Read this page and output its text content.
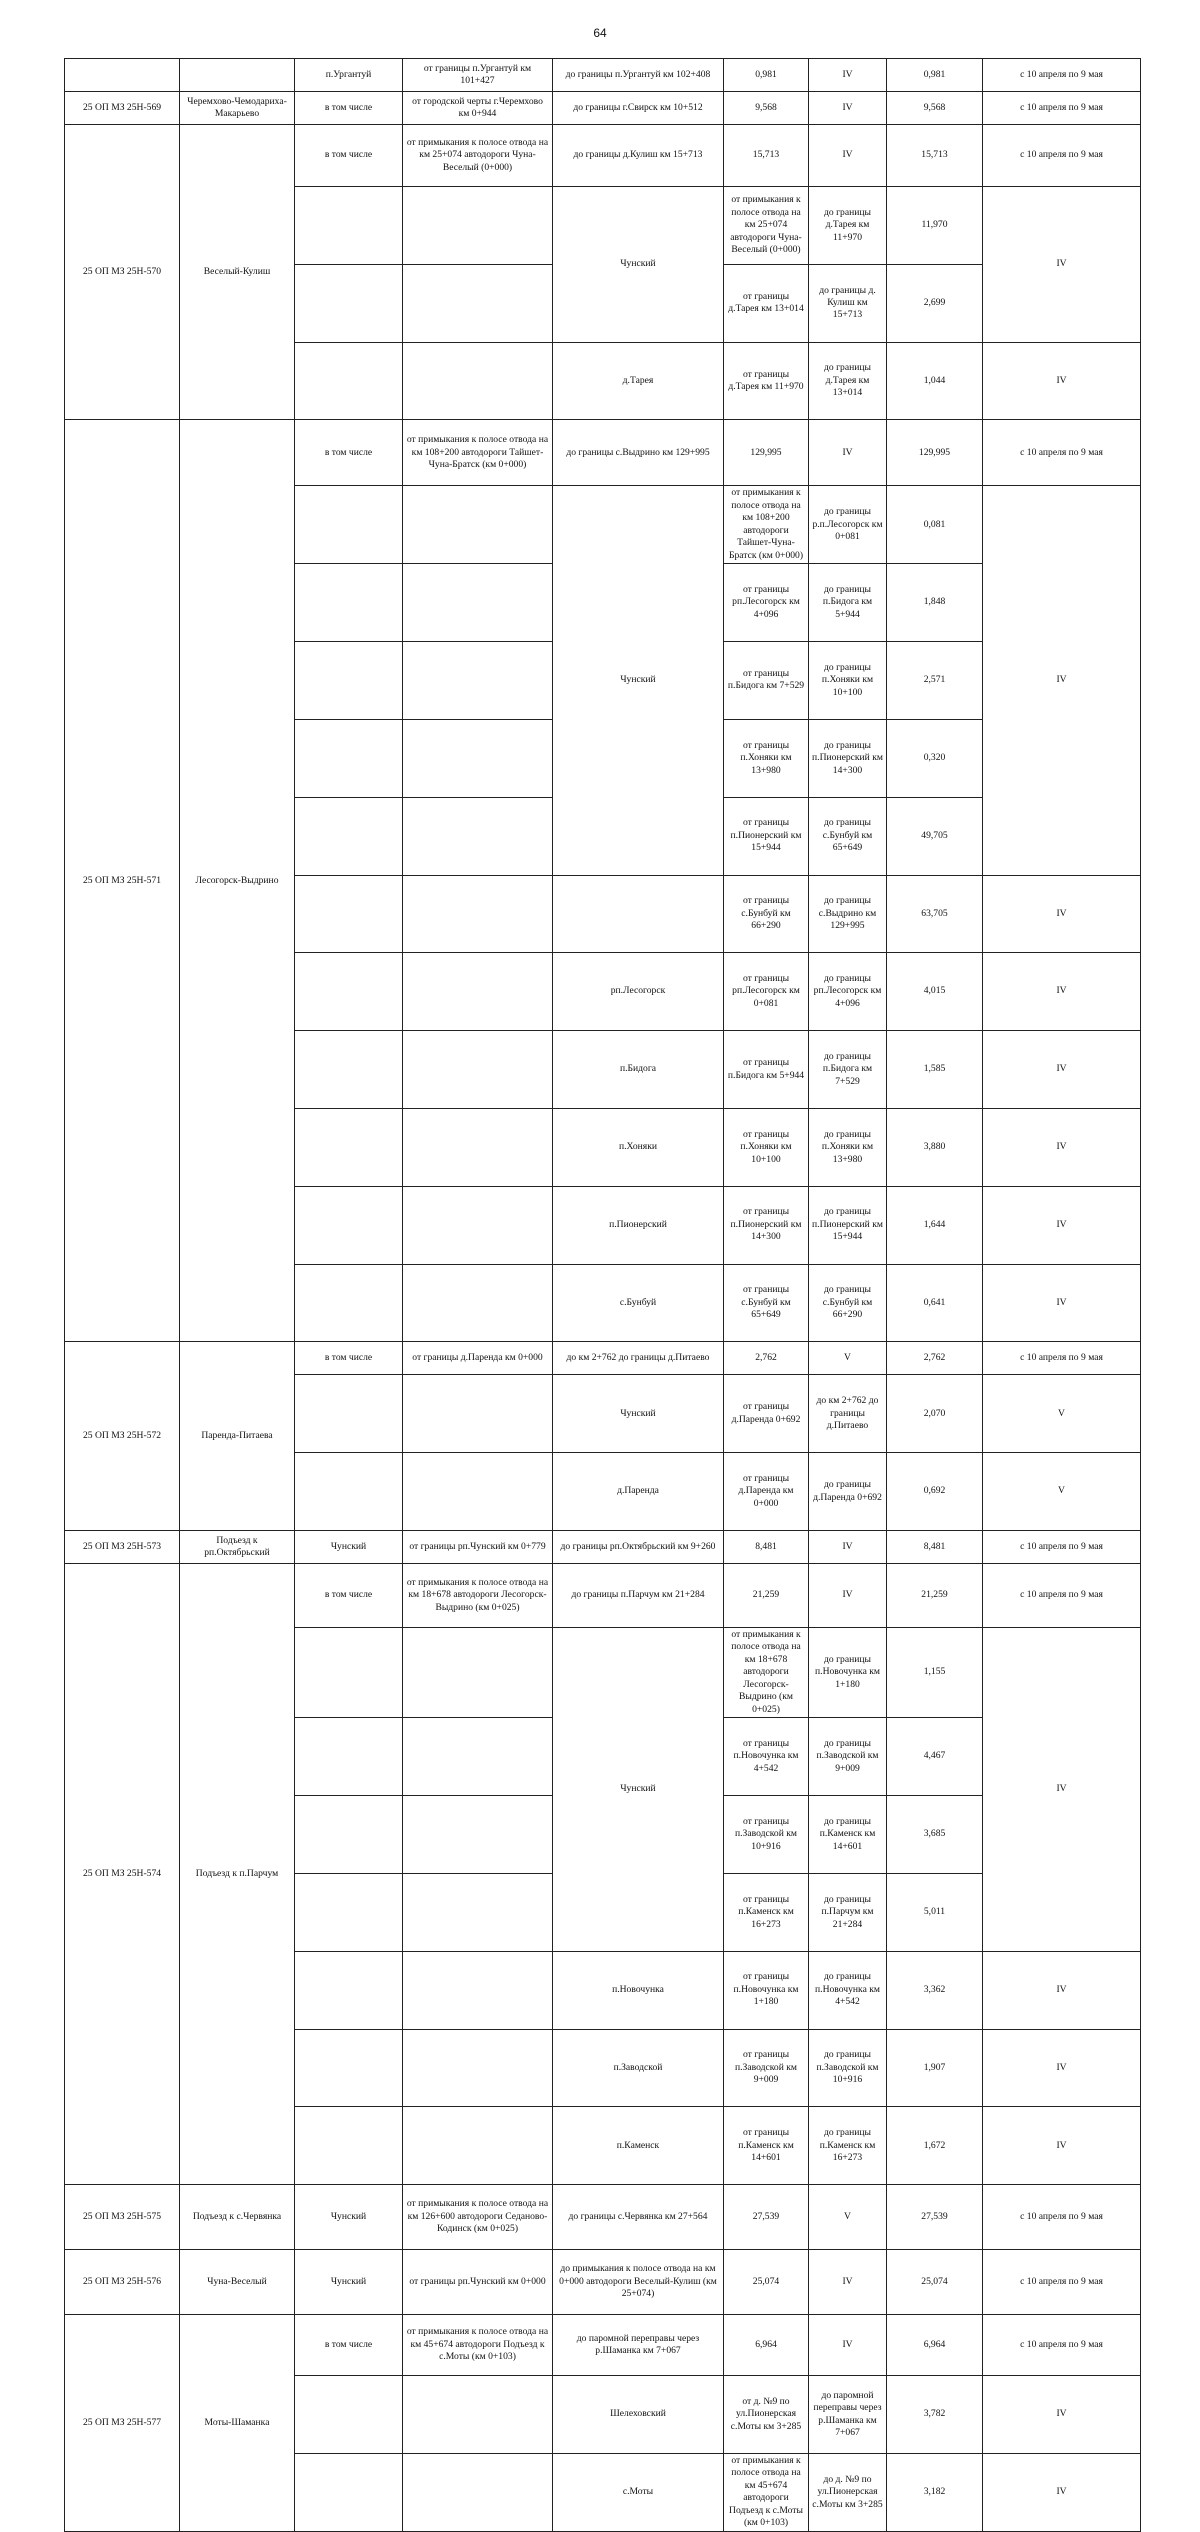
64
		п.Ургантуй	от границы п.Ургантуй км 101+427	до границы п.Ургантуй км 102+408	0,981	IV	0,981	с 10 апреля по 9 мая	
25 ОП МЗ 25Н-569	Черемхово-Чемодариха-Макарьево	в том числе	от городской черты г.Черемхово км 0+944	до границы г.Свирск км 10+512	9,568	IV	9,568	с 10 апреля по 9 мая	
25 ОП МЗ 25Н-570	Веселый-Кулиш	в том числе	от примыкания к полосе отвода на км 25+074 автодороги Чуна-Веселый (0+000)	до границы д.Кулиш км 15+713	15,713	IV	15,713	с 10 апреля по 9 мая	
				Чунский	от примыкания к полосе отвода на км 25+074 автодороги Чуна-Веселый (0+000)	до границы д.Тарея км 11+970	11,970	IV		
					от границы д.Тарея км 13+014	до границы д. Кулиш км 15+713	2,699		
				д.Тарея	от границы д.Тарея км 11+970	до границы д.Тарея км 13+014	1,044	IV		
25 ОП МЗ 25Н-571	Лесогорск-Выдрино	в том числе	от примыкания к полосе отвода на км 108+200 автодороги Тайшет-Чуна-Братск (км 0+000)	до границы с.Выдрино км 129+995	129,995	IV	129,995	с 10 апреля по 9 мая	
				Чунский	от примыкания к полосе отвода на км 108+200 автодороги Тайшет-Чуна-Братск (км 0+000)	до границы р.п.Лесогорск км 0+081	0,081	IV		
					от границы рп.Лесогорск км 4+096	до границы п.Бидога км 5+944	1,848		
					от границы п.Бидога км 7+529	до границы п.Хоняки км 10+100	2,571		
					от границы п.Хоняки км 13+980	до границы п.Пионерский км 14+300	0,320		
					от границы п.Пионерский км 15+944	до границы с.Бунбуй км 65+649	49,705		
					от границы с.Бунбуй км 66+290	до границы с.Выдрино км 129+995	63,705	IV		
				рп.Лесогорск	от границы рп.Лесогорск км 0+081	до границы рп.Лесогорск км 4+096	4,015	IV		
				п.Бидога	от границы п.Бидога км 5+944	до границы п.Бидога км 7+529	1,585	IV		
				п.Хоняки	от границы п.Хоняки км 10+100	до границы п.Хоняки км 13+980	3,880	IV		
				п.Пионерский	от границы п.Пионерский км 14+300	до границы п.Пионерский км 15+944	1,644	IV		
				с.Бунбуй	от границы с.Бунбуй км 65+649	до границы с.Бунбуй км 66+290	0,641	IV		
25 ОП МЗ 25Н-572	Паренда-Питаева	в том числе	от границы д.Паренда км 0+000	до км 2+762 до границы д.Питаево	2,762	V	2,762	с 10 апреля по 9 мая	
				Чунский	от границы д.Паренда 0+692	до км 2+762 до границы д.Питаево	2,070	V		
				д.Паренда	от границы д.Паренда км 0+000	до границы д.Паренда 0+692	0,692	V		
25 ОП МЗ 25Н-573	Подъезд к рп.Октябрьский	Чунский	от границы рп.Чунский км 0+779	до границы рп.Октябрьский км 9+260	8,481	IV	8,481	с 10 апреля по 9 мая	
25 ОП МЗ 25Н-574	Подъезд к п.Парчум	в том числе	от примыкания к полосе отвода на км 18+678 автодороги Лесогорск-Выдрино (км 0+025)	до границы п.Парчум км 21+284	21,259	IV	21,259	с 10 апреля по 9 мая	
				Чунский	от примыкания к полосе отвода на км 18+678 автодороги Лесогорск-Выдрино (км 0+025)	до границы п.Новочунка км 1+180	1,155	IV		
					от границы п.Новочунка км 4+542	до границы п.Заводской км 9+009	4,467		
					от границы п.Заводской км 10+916	до границы п.Каменск км 14+601	3,685		
					от границы п.Каменск км 16+273	до границы п.Парчум км 21+284	5,011		
				п.Новочунка	от границы п.Новочунка км 1+180	до границы п.Новочунка км 4+542	3,362	IV		
				п.Заводской	от границы п.Заводской км 9+009	до границы п.Заводской км 10+916	1,907	IV		
				п.Каменск	от границы п.Каменск км 14+601	до границы п.Каменск км 16+273	1,672	IV		
25 ОП МЗ 25Н-575	Подъезд к с.Червянка	Чунский	от примыкания к полосе отвода на км 126+600 автодороги Седаново-Кодинск (км 0+025)	до границы с.Червянка км 27+564	27,539	V	27,539	с 10 апреля по 9 мая	
25 ОП МЗ 25Н-576	Чуна-Веселый	Чунский	от границы рп.Чунский км 0+000	до примыкания к полосе отвода на км 0+000 автодороги Веселый-Кулиш (км 25+074)	25,074	IV	25,074	с 10 апреля по 9 мая	
25 ОП МЗ 25Н-577	Моты-Шаманка	в том числе	от примыкания к полосе отвода на км 45+674 автодороги Подъезд к с.Моты (км 0+103)	до паромной переправы через р.Шаманка км 7+067	6,964	IV	6,964	с 10 апреля по 9 мая	
				Шелеховский	от д. №9 по ул.Пионерская с.Моты км 3+285	до паромной переправы через р.Шаманка км 7+067	3,782	IV		
				с.Моты	от примыкания к полосе отвода на км 45+674 автодороги Подъезд к с.Моты (км 0+103)	до д. №9 по ул.Пионерская с.Моты км 3+285	3,182	IV		
